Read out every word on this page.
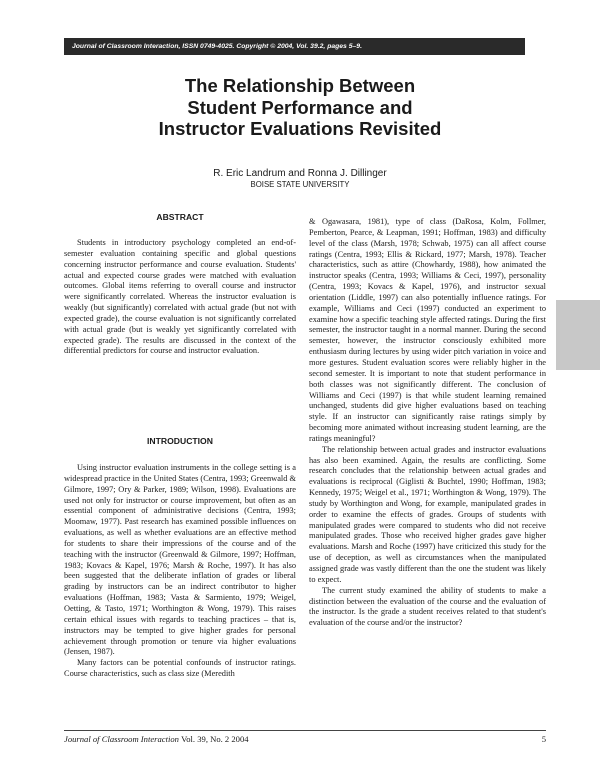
Journal of Classroom Interaction, ISSN 0749-4025. Copyright © 2004, Vol. 39.2, pages 5–9.
The Relationship Between
Student Performance and
Instructor Evaluations Revisited
R. Eric Landrum and Ronna J. Dillinger
BOISE STATE UNIVERSITY
ABSTRACT

Students in introductory psychology completed an end-of-semester evaluation containing specific and global questions concerning instructor performance and course evaluation. Students' actual and expected course grades were matched with evaluation outcomes. Global items referring to overall course and instructor were significantly correlated. Whereas the instructor evaluation is weakly (but significantly) correlated with actual grade (but not with expected grade), the course evaluation is not significantly correlated with actual grade (but is weakly yet significantly correlated with expected grade). The results are discussed in the context of the differential predictors for course and instructor evaluation.

INTRODUCTION

Using instructor evaluation instruments in the college setting is a widespread practice in the United States (Centra, 1993; Greenwald & Gilmore, 1997; Ory & Parker, 1989; Wilson, 1998). Evaluations are used not only for instructor or course improvement, but often as an essential component of administrative decisions (Centra, 1993; Moomaw, 1977). Past research has examined possible influences on evaluations, as well as whether evaluations are an effective method for students to share their impressions of the course and of the teaching with the instructor (Greenwald & Gilmore, 1997; Hoffman, 1983; Kovacs & Kapel, 1976; Marsh & Roche, 1997). It has also been suggested that the deliberate inflation of grades or liberal grading by instructors can be an indirect contributor to higher evaluations (Hoffman, 1983; Vasta & Sarmiento, 1979; Weigel, Oetting, & Tasto, 1971; Worthington & Wong, 1979). This raises certain ethical issues with regards to teaching practices – that is, instructors may be tempted to give higher grades for personal achievement through promotion or tenure via higher evaluations (Jensen, 1987).

Many factors can be potential confounds of instructor ratings. Course characteristics, such as class size (Meredith

& Ogawasara, 1981), type of class (DaRosa, Kolm, Follmer, Pemberton, Pearce, & Leapman, 1991; Hoffman, 1983) and difficulty level of the class (Marsh, 1978; Schwab, 1975) can all affect course ratings (Centra, 1993; Ellis & Rickard, 1977; Marsh, 1978). Teacher characteristics, such as attire (Chowhardy, 1988), how animated the instructor speaks (Centra, 1993; Williams & Ceci, 1997), personality (Centra, 1993; Kovacs & Kapel, 1976), and instructor sexual orientation (Liddle, 1997) can also potentially influence ratings. For example, Williams and Ceci (1997) conducted an experiment to examine how a specific teaching style affected ratings. During the first semester, the instructor taught in a normal manner. During the second semester, however, the instructor consciously exhibited more enthusiasm during lectures by using wider pitch variation in voice and more gestures. Student evaluation scores were reliably higher in the second semester. It is important to note that student performance in both classes was not significantly different. The conclusion of Williams and Ceci (1997) is that while student learning remained unchanged, students did give higher evaluations based on teaching style. If an instructor can significantly raise ratings simply by becoming more animated without increasing student learning, are the ratings meaningful?

The relationship between actual grades and instructor evaluations has also been examined. Again, the results are conflicting. Some research concludes that the relationship between actual grades and evaluations is reciprocal (Giglisti & Buchtel, 1990; Hoffman, 1983; Kennedy, 1975; Weigel et al., 1971; Worthington & Wong, 1979). The study by Worthington and Wong, for example, manipulated grades in order to examine the effects of grades. Groups of students with manipulated grades were compared to students who did not receive manipulated grades. Those who received higher grades gave higher evaluations. Marsh and Roche (1997) have criticized this study for the use of deception, as well as circumstances when the manipulated assigned grade was vastly different than the one the student was likely to expect.

The current study examined the ability of students to make a distinction between the evaluation of the course and the evaluation of the instructor. Is the grade a student receives related to that student's evaluation of the course and/or the instructor?

Journal of Classroom Interaction Vol. 39, No. 2 2004	5
